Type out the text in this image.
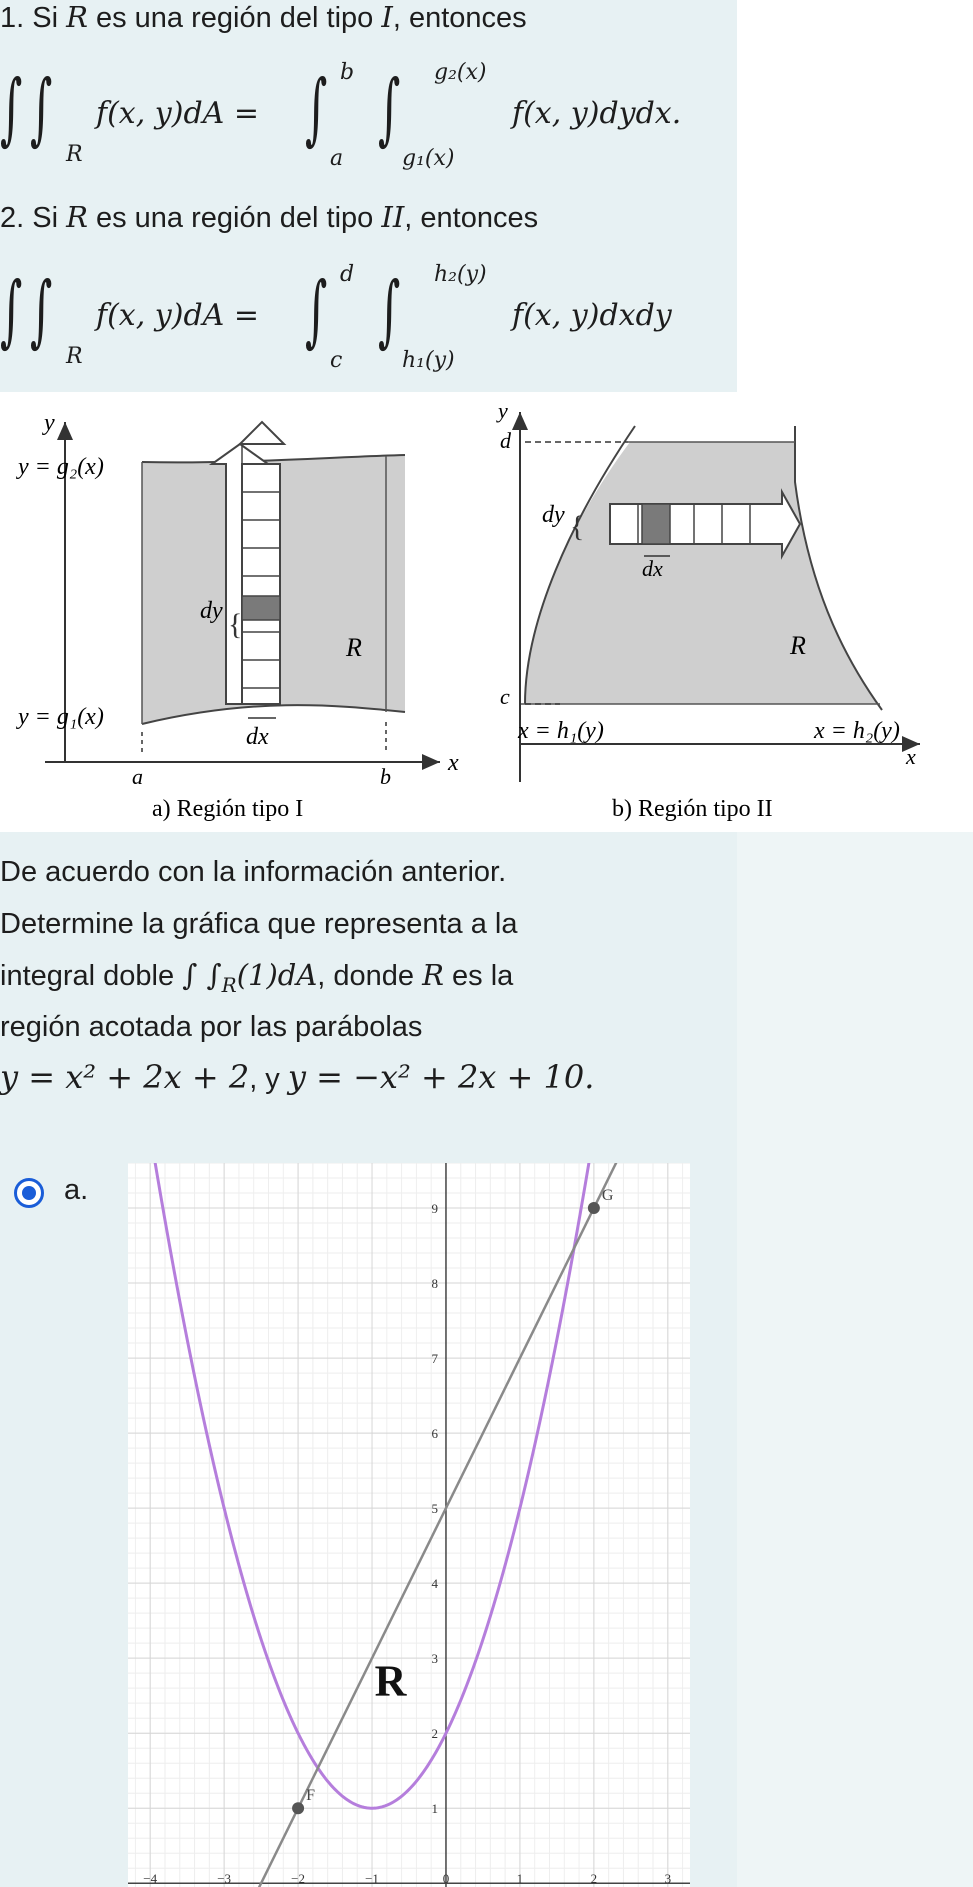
1. Si R es una región del tipo I, entonces
∫ ∫
R
f(x, y)dA = ∫ b
a
∫ g₂(x)
g₁(x)
f(x, y)dydx.
2. Si R es una región del tipo II, entonces
∫ ∫
R
f(x, y)dA = ∫ d
c
∫ h₂(y)
h₁(y)
f(x, y)dxdy
y
x
y = g₂(x)
y = g₁(x)
dy {
dx
R
a	b
a) Región tipo I
y
d
c
dy {
dx
R
x = h₁(y)	x = h₂(y)
x
b) Región tipo II
De acuerdo con la información anterior.
Determine la gráfica que representa a la
integral doble ∫ $\int_R(1)dA$, donde R es la
región acotada por las parábolas
y = x² + 2x + 2, y y = −x² + 2x + 10.
a.
−4	−3	−2	−1	0	1	2	3
1
2
3
4
5
6
7
8
9
F
G
R
